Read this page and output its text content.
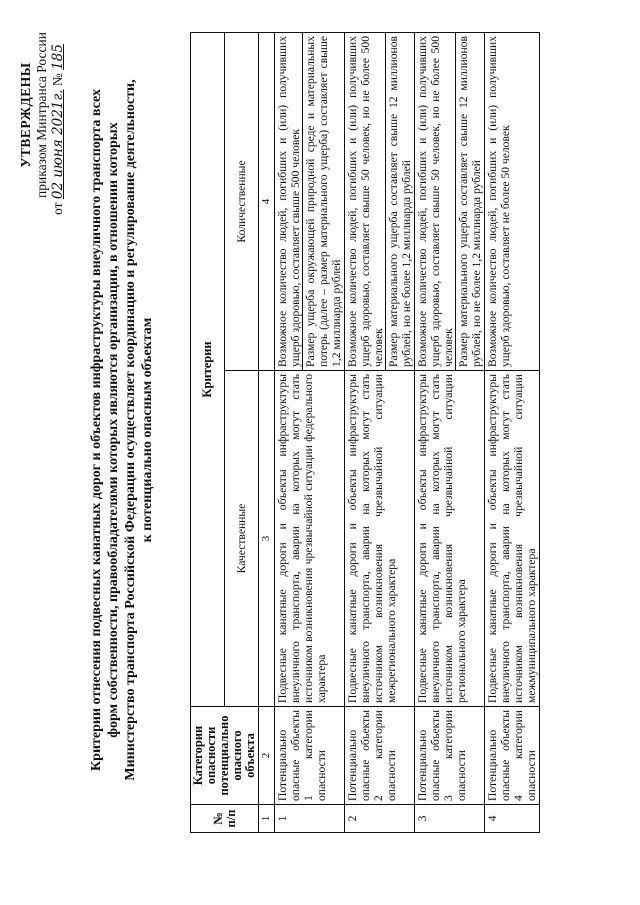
УТВЕРЖДЕНЫ приказом Минтранса России
от 02 июня 2021г. № 185
Критерии отнесения подвесных канатных дорог и объектов инфраструктуры внеуличного транспорта всех форм собственности, правообладателями которых являются организации, в отношении которых Министерство транспорта Российской Федерации осуществляет координацию и регулирование деятельности, к потенциально опасным объектам
№ п/п	Категории опасности потенциально опасного объекта	Критерии	
		Качественные	Количественные
1	2	3	4
1	Потенциально опасные объекты 1 категории опасности	Подвесные канатные дороги и объекты инфраструктуры внеуличного транспорта, аварии на которых могут стать источником возникновения чрезвычайной ситуации федерального характера	Возможное количество людей, погибших и (или) получивших ущерб здоровью, составляет свыше 500 человек Размер ущерба окружающей природной среде и материальных потерь (далее – размер материального ущерба) составляет свыше 1,2 миллиарда рублей

2	Потенциально опасные объекты 2 категории опасности	Подвесные канатные дороги и объекты инфраструктуры внеуличного транспорта, аварии на которых могут стать источником возникновения чрезвычайной ситуации межрегионального характера	Возможное количество людей, погибших и (или) получивших ущерб здоровью, составляет свыше 50 человек, но не более 500 человек Размер материального ущерба составляет свыше 12 миллионов рублей, но не более 1,2 миллиарда рублей

3	Потенциально опасные объекты 3 категории опасности	Подвесные канатные дороги и объекты инфраструктуры внеуличного транспорта, аварии на которых могут стать источником возникновения чрезвычайной ситуации регионального характера	Возможное количество людей, погибших и (или) получивших ущерб здоровью, составляет свыше 50 человек, но не более 500 человек Размер материального ущерба составляет свыше 12 миллионов рублей, но не более 1,2 миллиарда рублей

4	Потенциально опасные объекты 4 категории опасности	Подвесные канатные дороги и объекты инфраструктуры внеуличного транспорта, аварии на которых могут стать источником возникновения чрезвычайной ситуации межмуниципального характера	Возможное количество людей, погибших и (или) получивших ущерб здоровью, составляет не более 50 человек
